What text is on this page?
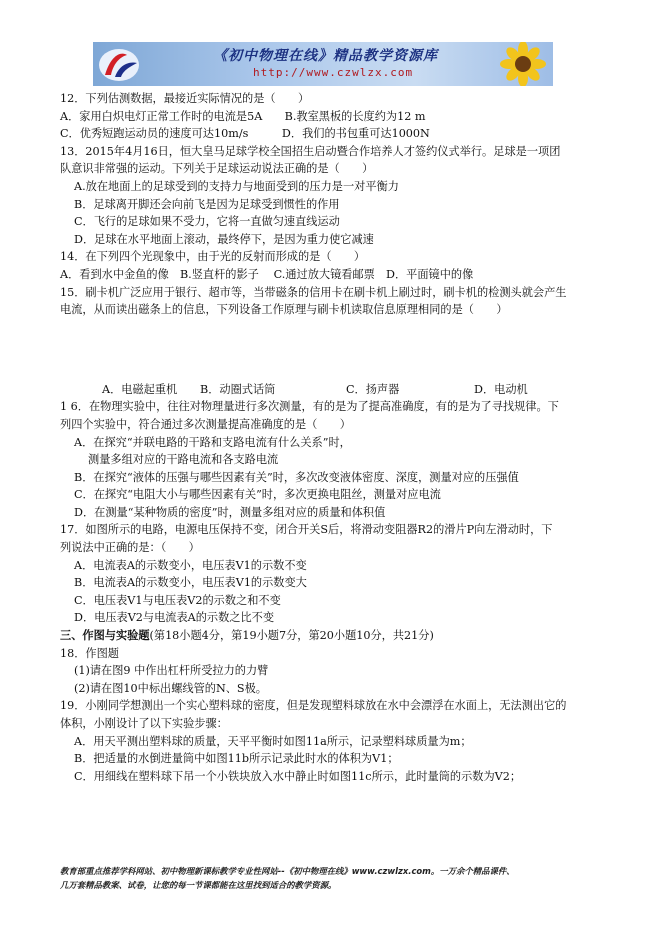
《初中物理在线》精品教学资源库
http://www.czwlzx.com
12．下列估测数据，最接近实际情况的是（　　）
A．家用白炽电灯正常工作时的电流是5A　　B.教室黑板的长度约为12 m
C．优秀短跑运动员的速度可达10m/s　　　D．我们的书包重可达1000N
13．2015年4月16日，恒大皇马足球学校全国招生启动暨合作培养人才签约仪式举行。足球是一项团
队意识非常强的运动。下列关于足球运动说法正确的是（　　）
A.放在地面上的足球受到的支持力与地面受到的压力是一对平衡力
B．足球离开脚还会向前飞是因为足球受到惯性的作用
C．飞行的足球如果不受力，它将一直做匀速直线运动
D．足球在水平地面上滚动，最终停下，是因为重力使它减速
14．在下列四个光现象中，由于光的反射而形成的是（　　）
A．看到水中金鱼的像　B.竖直杆的影子　 C.通过放大镜看邮票　D．平面镜中的像
15．刷卡机广泛应用于银行、超市等，当带磁条的信用卡在刷卡机上刷过时，刷卡机的检测头就会产生
电流，从而读出磁条上的信息，下列设备工作原理与刷卡机读取信息原理相同的是（　　）
A．电磁起重机	B．动圈式话筒	C．扬声器	D．电动机
1 6．在物理实验中，往往对物理量进行多次测量，有的是为了提高准确度，有的是为了寻找规律。下
列四个实验中，符合通过多次测量提高准确度的是（　　）
A．在探究“并联电路的干路和支路电流有什么关系”时，
测量多组对应的干路电流和各支路电流
B．在探究“液体的压强与哪些因素有关”时，多次改变液体密度、深度，测量对应的压强值
C．在探究“电阻大小与哪些因素有关”时，多次更换电阻丝，测量对应电流
D．在测量“某种物质的密度”时，测量多组对应的质量和体积值
17．如图所示的电路，电源电压保持不变，闭合开关S后，将滑动变阻器R2的滑片P向左滑动时，下
列说法中正确的是：（　　）
A．电流表A的示数变小，电压表V1的示数不变
B．电流表A的示数变小，电压表V1的示数变大
C．电压表V1与电压表V2的示数之和不变
D．电压表V2与电流表A的示数之比不变
三、作图与实验题(第18小题4分，第19小题7分，第20小题10分，共21分)
18．作图题
(1)请在图9 中作出杠杆所受拉力的力臂
(2)请在图10中标出螺线管的N、S极。
19．小刚同学想测出一个实心塑料球的密度，但是发现塑料球放在水中会漂浮在水面上，无法测出它的
体积，小刚设计了以下实验步骤：
A．用天平测出塑料球的质量，天平平衡时如图11a所示，记录塑料球质量为m；
B．把适量的水倒进量筒中如图11b所示记录此时水的体积为V1；
C．用细线在塑料球下吊一个小铁块放入水中静止时如图11c所示，此时量筒的示数为V2；
教育部重点推荐学科网站、初中物理新课标教学专业性网站--《初中物理在线》www.czwlzx.com。一万余个精品课件、
几万套精品教案、试卷，让您的每一节课都能在这里找到适合的教学资源。
